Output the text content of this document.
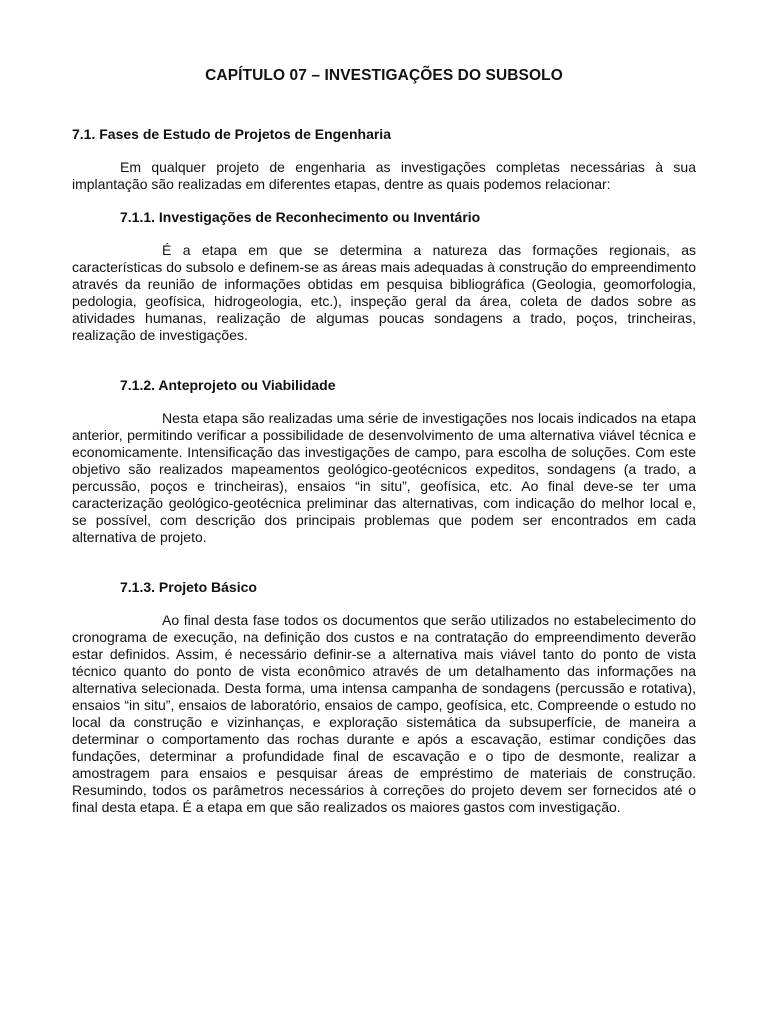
CAPÍTULO 07 – INVESTIGAÇÕES DO SUBSOLO
7.1. Fases de Estudo de Projetos de Engenharia

Em qualquer projeto de engenharia as investigações completas necessárias à sua implantação são realizadas em diferentes etapas, dentre as quais podemos relacionar:

7.1.1. Investigações de Reconhecimento ou Inventário

É a etapa em que se determina a natureza das formações regionais, as características do subsolo e definem-se as áreas mais adequadas à construção do empreendimento através da reunião de informações obtidas em pesquisa bibliográfica (Geologia, geomorfologia, pedologia, geofísica, hidrogeologia, etc.), inspeção geral da área, coleta de dados sobre as atividades humanas, realização de algumas poucas sondagens a trado, poços, trincheiras, realização de investigações.

7.1.2. Anteprojeto ou Viabilidade

Nesta etapa são realizadas uma série de investigações nos locais indicados na etapa anterior, permitindo verificar a possibilidade de desenvolvimento de uma alternativa viável técnica e economicamente. Intensificação das investigações de campo, para escolha de soluções. Com este objetivo são realizados mapeamentos geológico-geotécnicos expeditos, sondagens (a trado, a percussão, poços e trincheiras), ensaios “in situ”, geofísica, etc. Ao final deve-se ter uma caracterização geológico-geotécnica preliminar das alternativas, com indicação do melhor local e, se possível, com descrição dos principais problemas que podem ser encontrados em cada alternativa de projeto.

7.1.3. Projeto Básico

Ao final desta fase todos os documentos que serão utilizados no estabelecimento do cronograma de execução, na definição dos custos e na contratação do empreendimento deverão estar definidos. Assim, é necessário definir-se a alternativa mais viável tanto do ponto de vista técnico quanto do ponto de vista econômico através de um detalhamento das informações na alternativa selecionada. Desta forma, uma intensa campanha de sondagens (percussão e rotativa), ensaios “in situ”, ensaios de laboratório, ensaios de campo, geofísica, etc. Compreende o estudo no local da construção e vizinhanças, e exploração sistemática da subsuperfície, de maneira a determinar o comportamento das rochas durante e após a escavação, estimar condições das fundações, determinar a profundidade final de escavação e o tipo de desmonte, realizar a amostragem para ensaios e pesquisar áreas de empréstimo de materiais de construção. Resumindo, todos os parâmetros necessários à correções do projeto devem ser fornecidos até o final desta etapa. É a etapa em que são realizados os maiores gastos com investigação.
